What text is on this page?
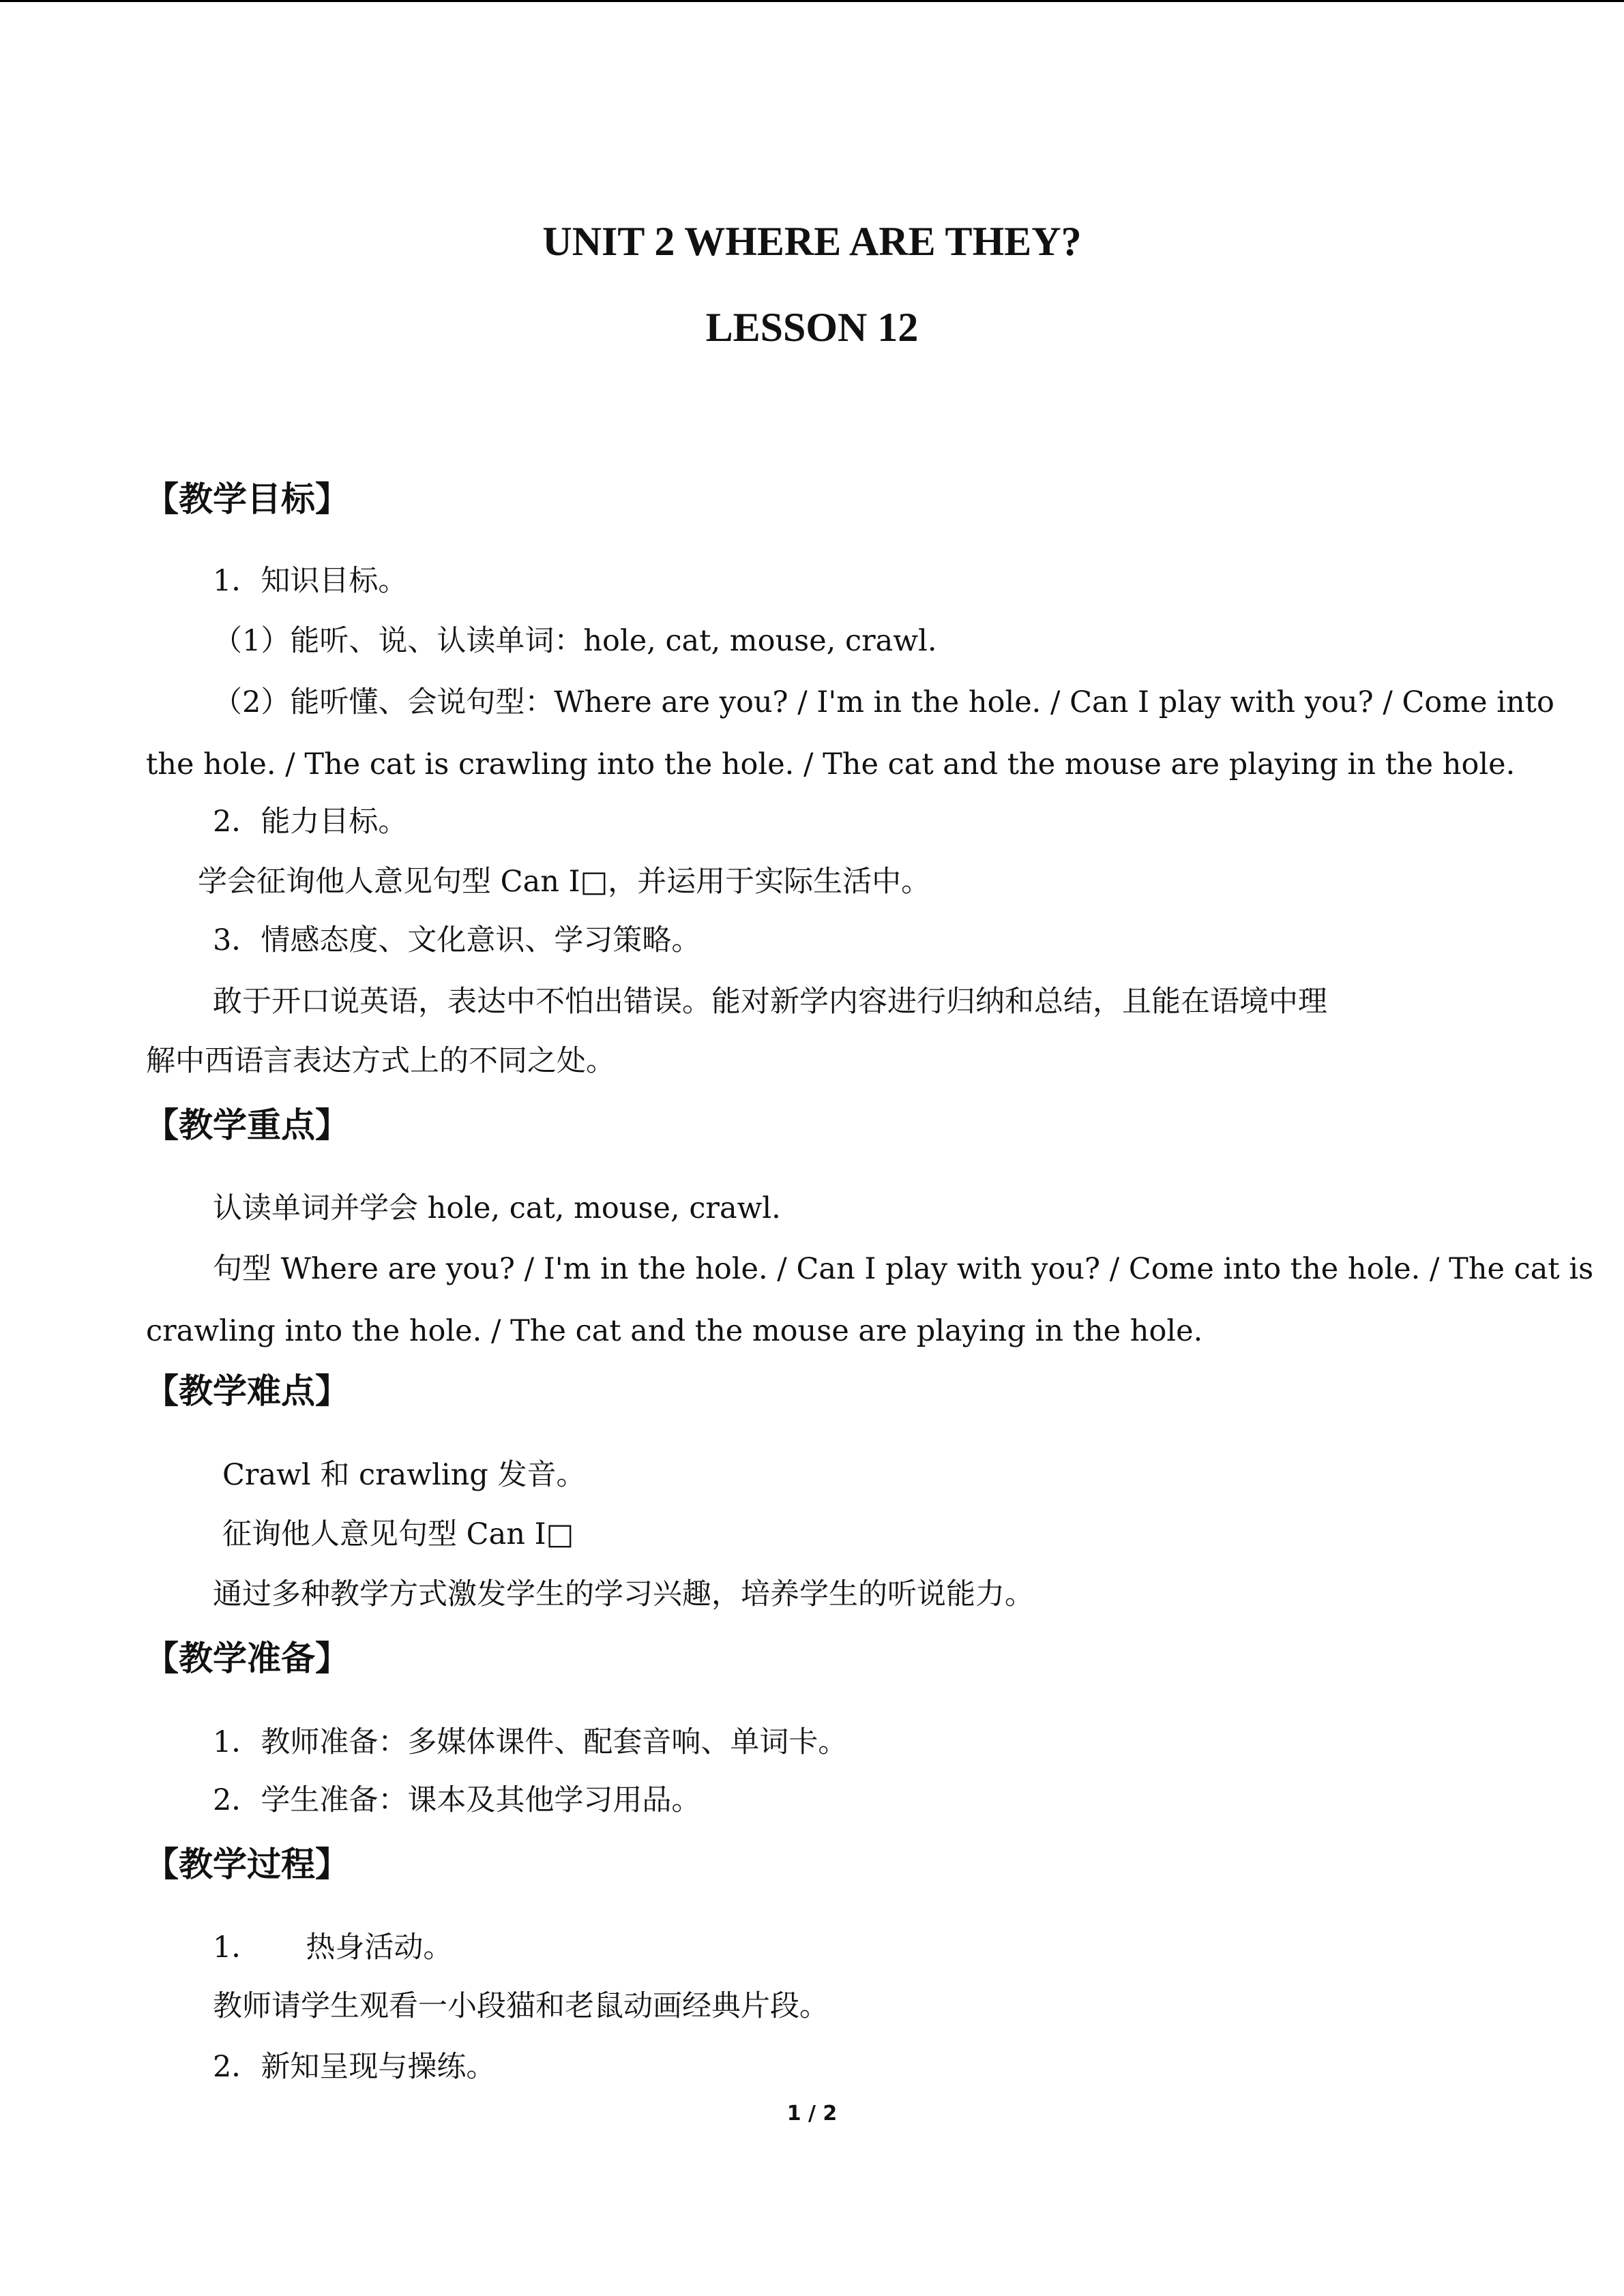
UNIT 2 WHERE ARE THEY?
LESSON 12
【教学目标】

1．知识目标。

（1）能听、说、认读单词：hole, cat, mouse, crawl.

（2）能听懂、会说句型：Where are you? / I'm in the hole. / Can I play with you? / Come into

the hole. / The cat is crawling into the hole. / The cat and the mouse are playing in the hole.

2．能力目标。

学会征询他人意见句型 Can I□，并运用于实际生活中。

3．情感态度、文化意识、学习策略。

敢于开口说英语，表达中不怕出错误。能对新学内容进行归纳和总结，且能在语境中理

解中西语言表达方式上的不同之处。

【教学重点】

认读单词并学会 hole, cat, mouse, crawl.

句型 Where are you? / I'm in the hole. / Can I play with you? / Come into the hole. / The cat is

crawling into the hole. / The cat and the mouse are playing in the hole.

【教学难点】

Crawl 和 crawling 发音。

征询他人意见句型 Can I□

通过多种教学方式激发学生的学习兴趣，培养学生的听说能力。

【教学准备】

1．教师准备：多媒体课件、配套音响、单词卡。

2．学生准备：课本及其他学习用品。

【教学过程】

1． 热身活动。

教师请学生观看一小段猫和老鼠动画经典片段。

2．新知呈现与操练。

1 / 2
